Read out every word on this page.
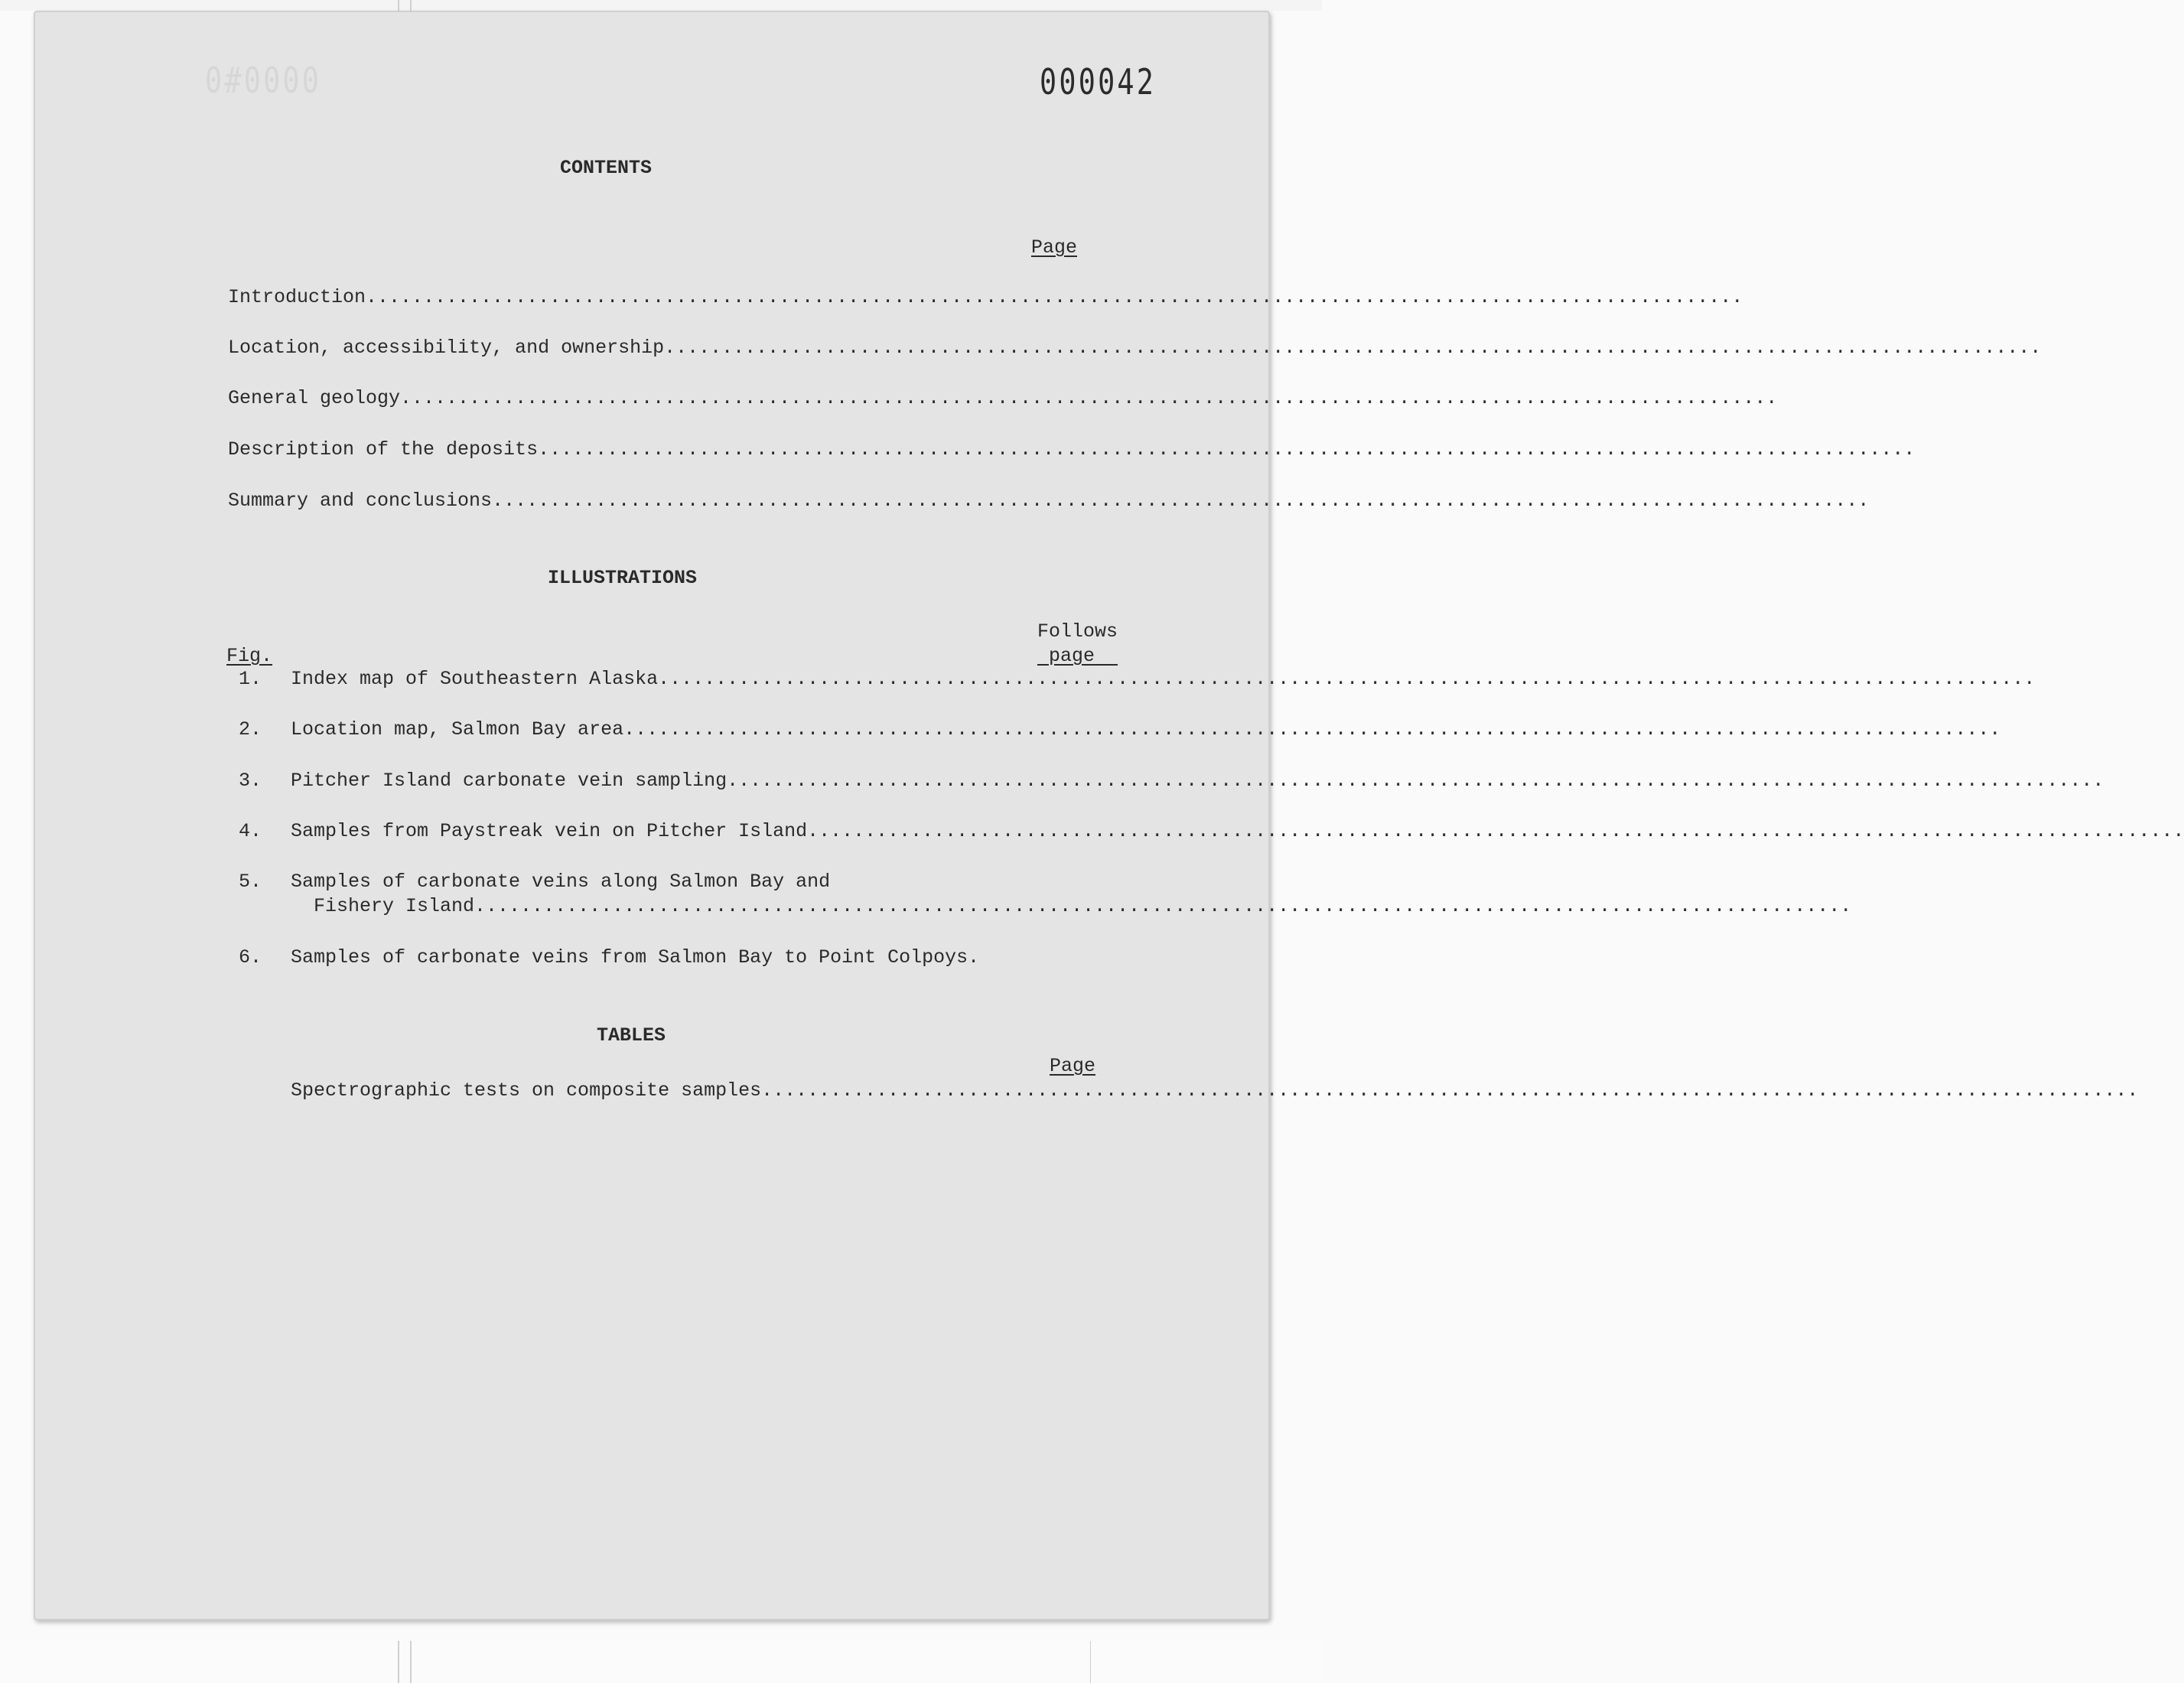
0#0000	000042
CONTENTS
Page
Introduction........................................................................................................................
Location, accessibility, and ownership........................................................................................................................
General geology........................................................................................................................
Description of the deposits........................................................................................................................
Summary and conclusions........................................................................................................................
ILLUSTRATIONS
Follows
page
Fig.
1. Index map of Southeastern Alaska........................................................................................................................
2. Location map, Salmon Bay area........................................................................................................................
3. Pitcher Island carbonate vein sampling........................................................................................................................
4. Samples from Paystreak vein on Pitcher Island........................................................................................................................
5. Samples of carbonate veins along Salmon Bay and
Fishery Island........................................................................................................................
6. Samples of carbonate veins from Salmon Bay to Point Colpoys.
TABLES
Page
Spectrographic tests on composite samples........................................................................................................................
